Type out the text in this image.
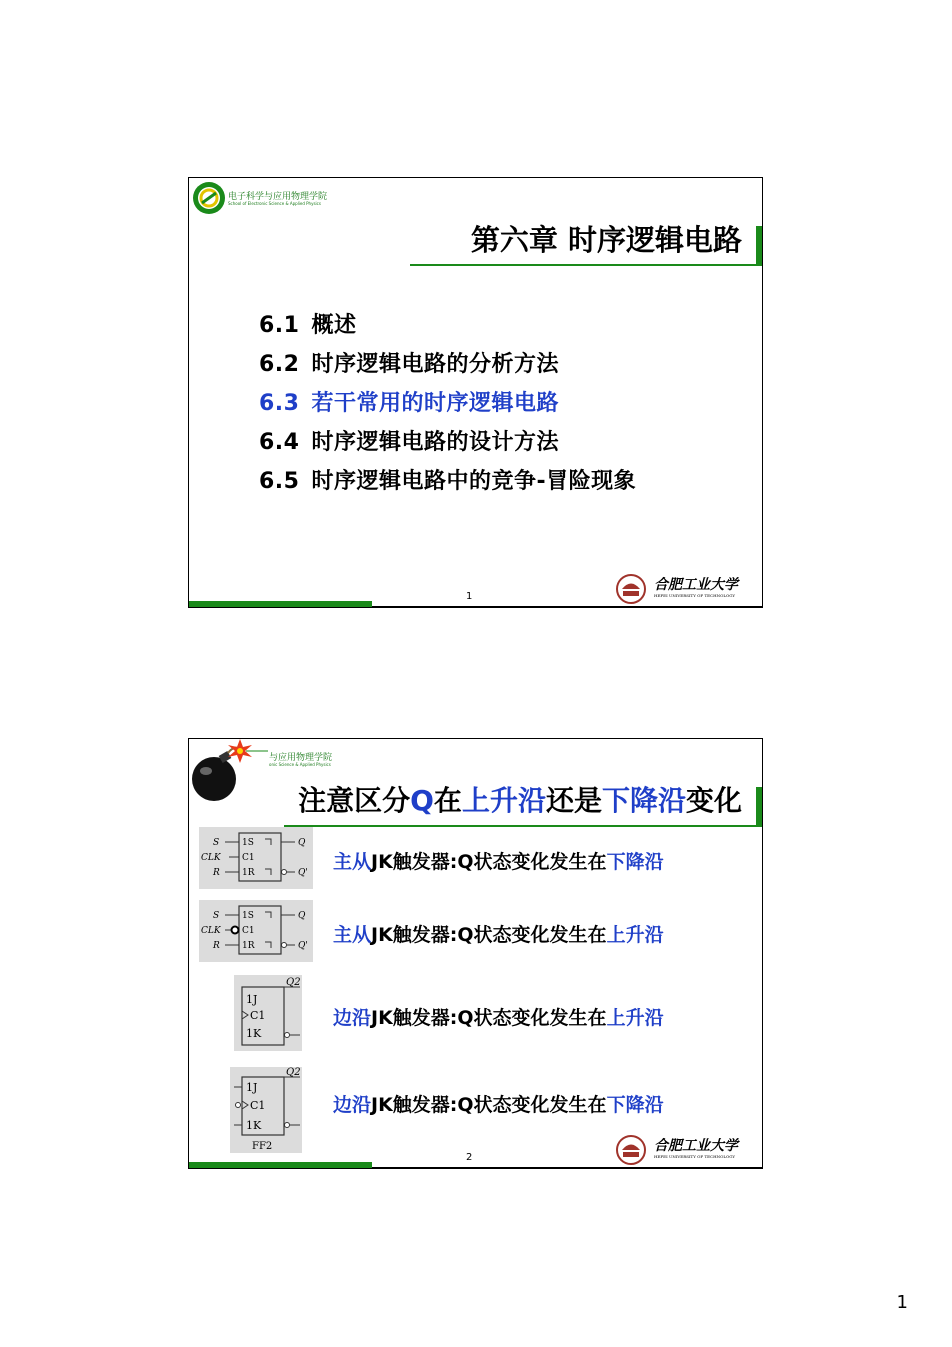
电子科学与应用物理学院
School of Electronic Science & Applied Physics
第六章 时序逻辑电路
6.1 概述
6.2 时序逻辑电路的分析方法
6.3 若干常用的时序逻辑电路
6.4 时序逻辑电路的设计方法
6.5 时序逻辑电路中的竞争-冒险现象
1
合肥工业大学
HEFEI UNIVERSITY OF TECHNOLOGY
与应用物理学院
onic Science & Applied Physics
注意区分Q在上升沿还是下降沿变化
S
CLK
R
1S
C1
1R
Q
Q'
S
CLK
R
1S
C1
1R
Q
Q'
1J
C1
1K
Q2
1J
C1
1K
Q2
FF2
主从JK触发器:Q状态变化发生在下降沿
主从JK触发器:Q状态变化发生在上升沿
边沿JK触发器:Q状态变化发生在上升沿
边沿JK触发器:Q状态变化发生在下降沿
2
合肥工业大学
HEFEI UNIVERSITY OF TECHNOLOGY
1
